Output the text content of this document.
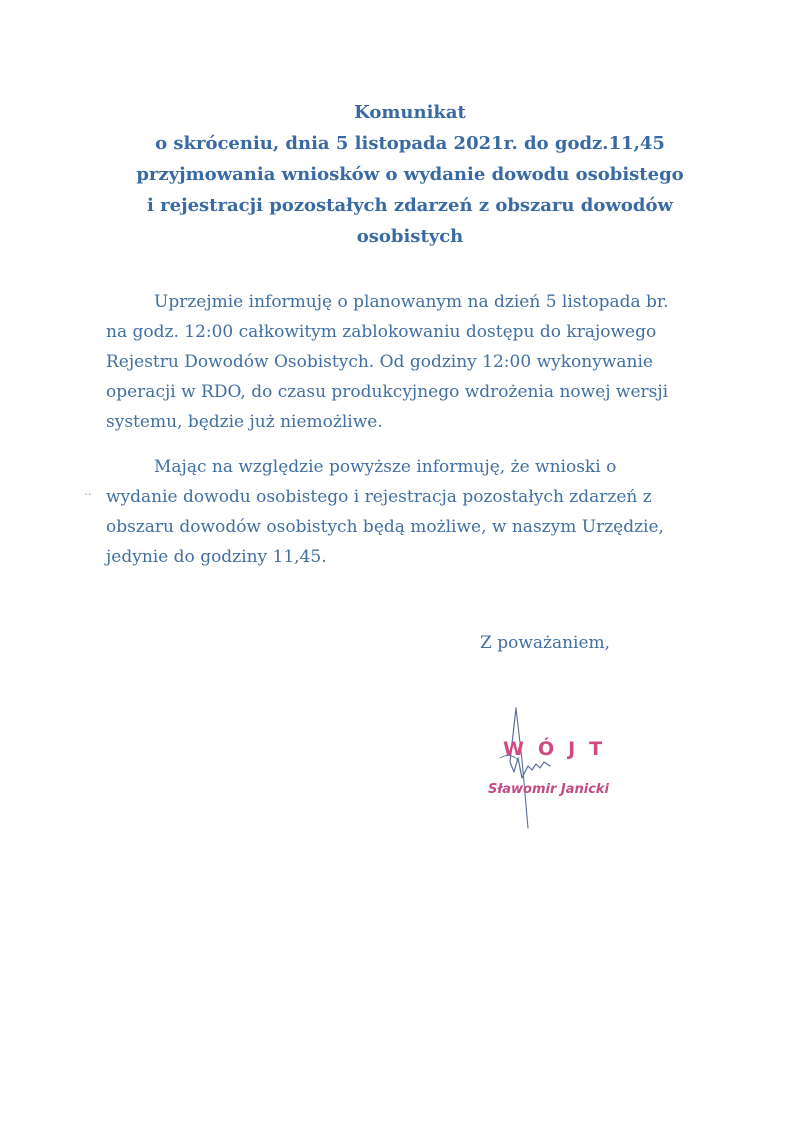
Komunikat
o skróceniu, dnia 5 listopada 2021r. do godz.11,45
przyjmowania wniosków o wydanie dowodu osobistego
i rejestracji pozostałych zdarzeń z obszaru dowodów
osobistych
Uprzejmie informuję o planowanym na dzień 5 listopada br.
na godz. 12:00 całkowitym zablokowaniu dostępu do krajowego
Rejestru Dowodów Osobistych. Od godziny 12:00 wykonywanie
operacji w RDO, do czasu produkcyjnego wdrożenia nowej wersji
systemu, będzie już niemożliwe.
..
Mając na względzie powyższe informuję, że wnioski o
wydanie dowodu osobistego i rejestracja pozostałych zdarzeń z
obszaru dowodów osobistych będą możliwe, w naszym Urzędzie,
jedynie do godziny 11,45.
Z poważaniem,
WÓJT
Sławomir Janicki
